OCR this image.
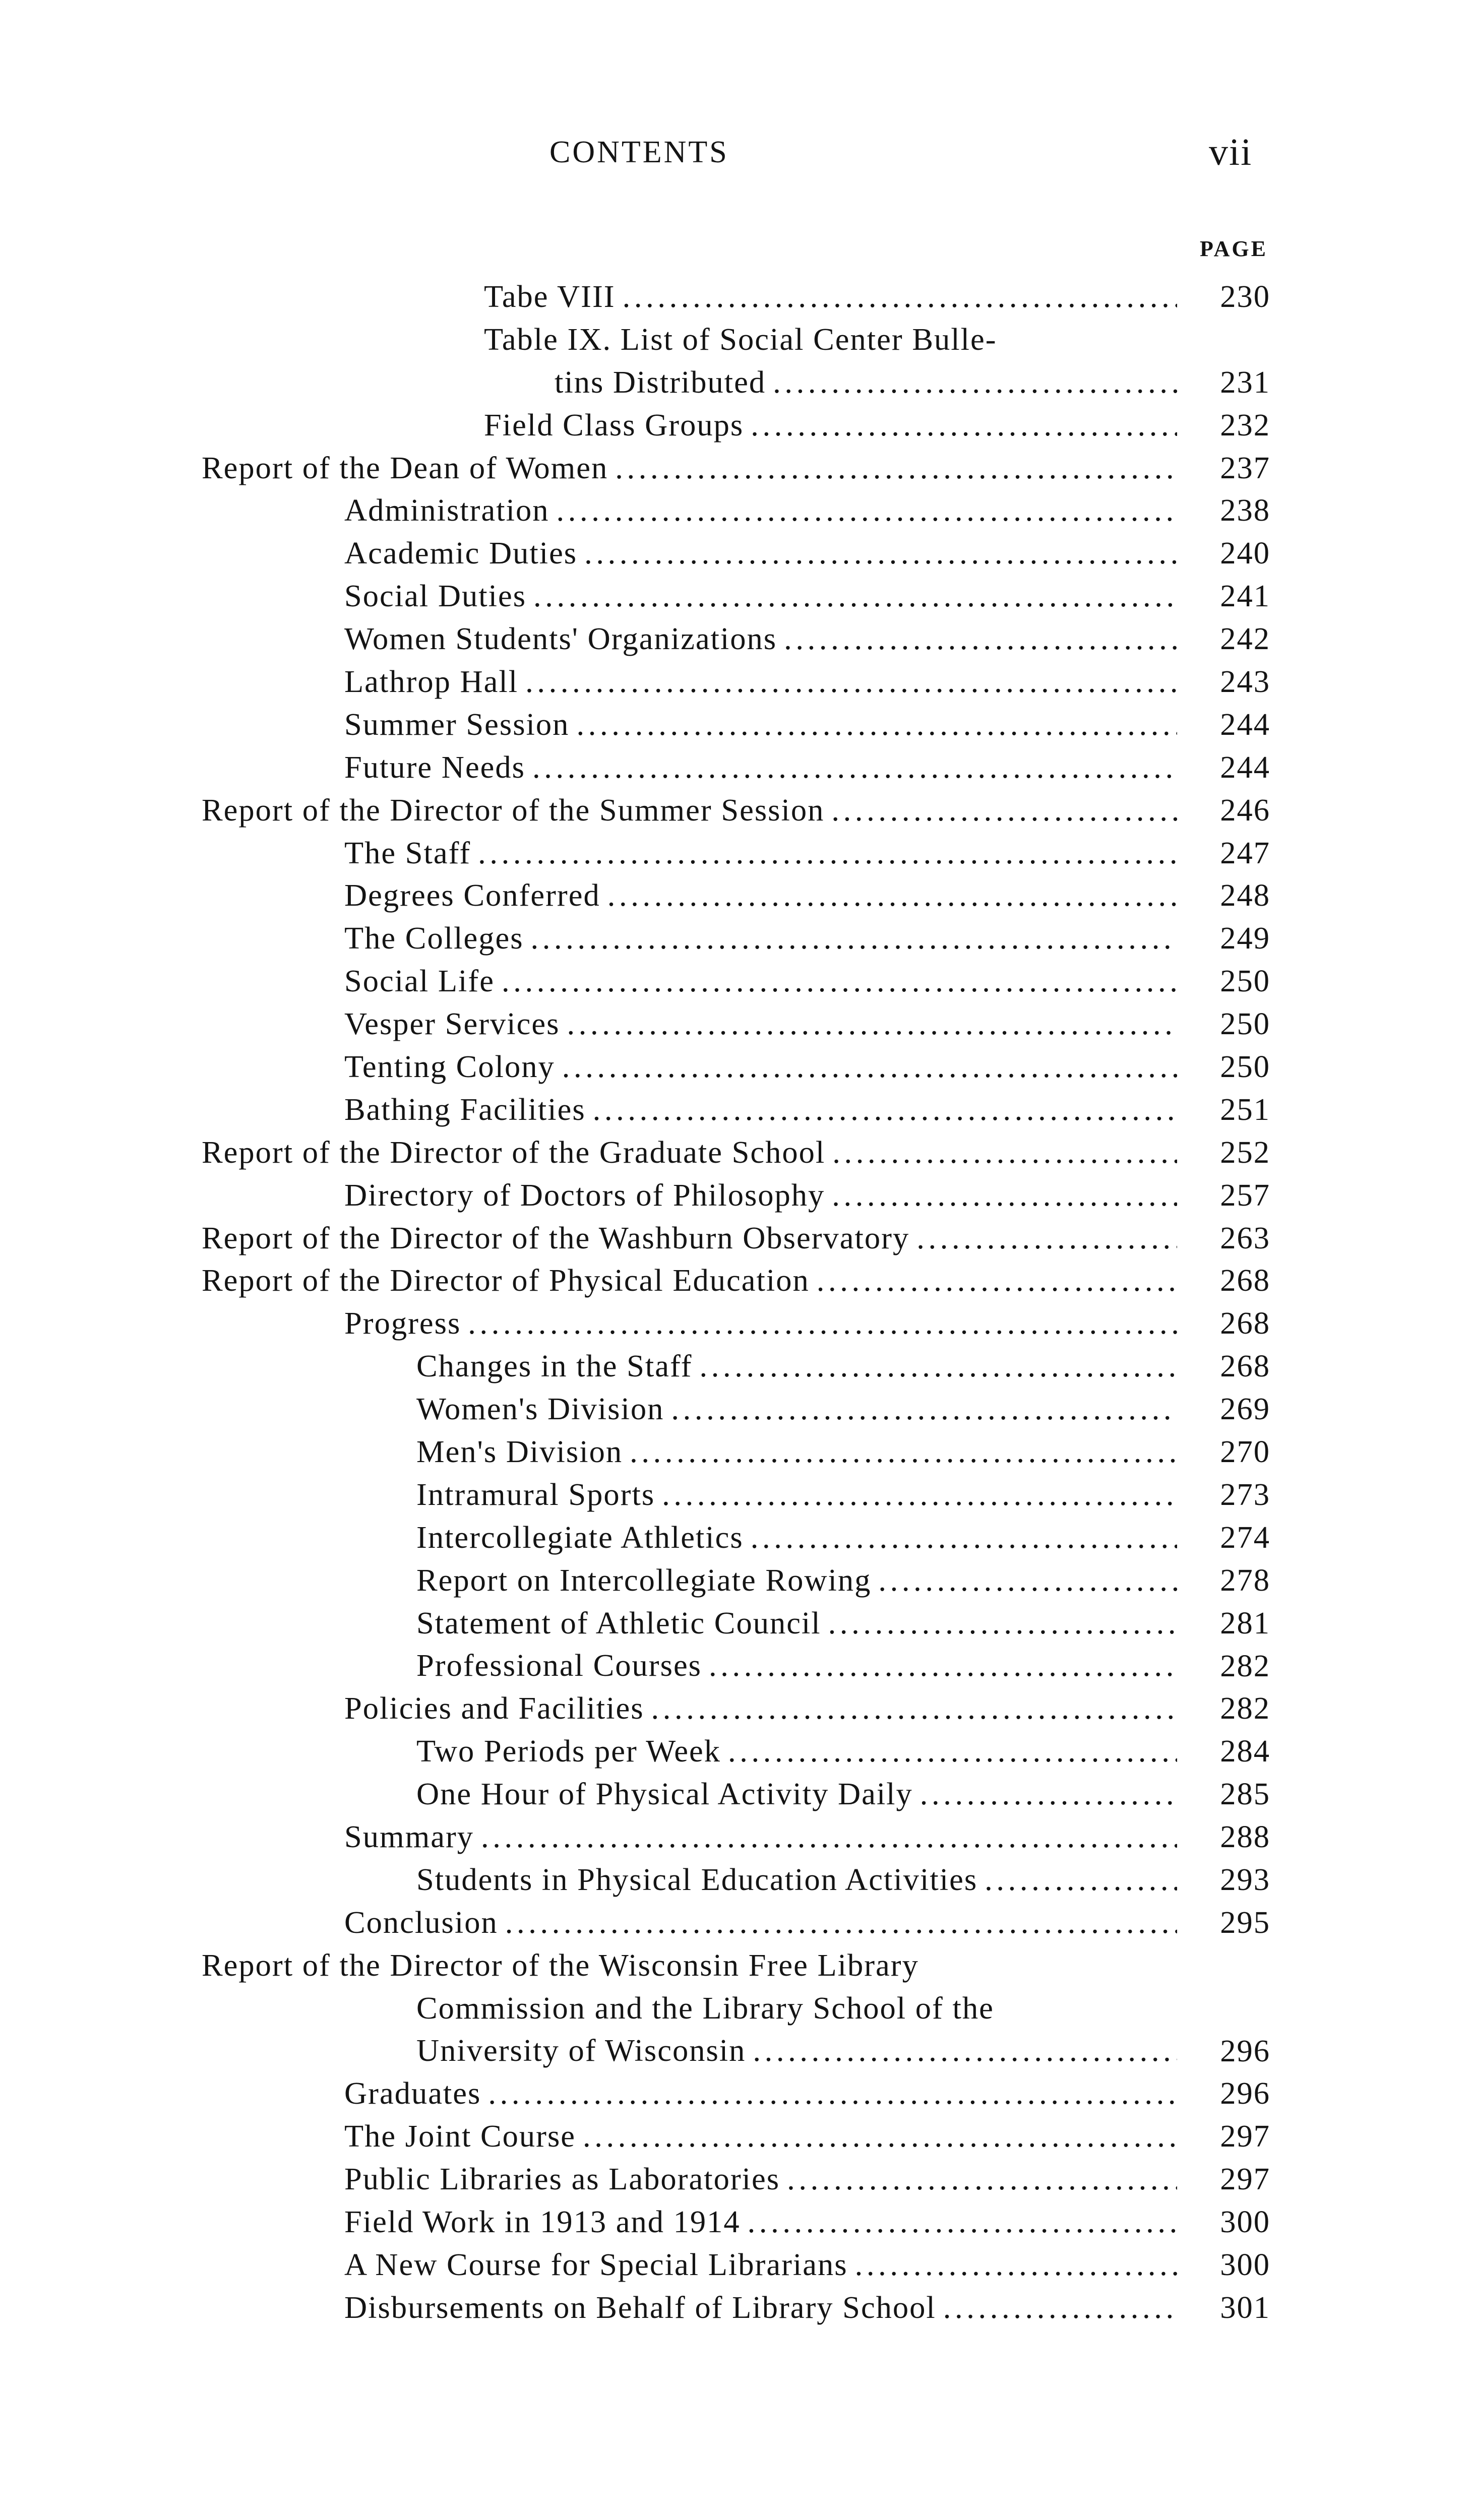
CONTENTS	vii
PAGE
Tabe VIII . . .	230
Table IX. List of Social Center Bulle-
tins Distributed . . .	231
Field Class Groups . . .	232
Report of the Dean of Women . . .	237
Administration . . .	238
Academic Duties . . .	240
Social Duties . . .	241
Women Students' Organizations . . .	242
Lathrop Hall . . .	243
Summer Session . . .	244
Future Needs . . .	244
Report of the Director of the Summer Session . . .	246
The Staff . . .	247
Degrees Conferred . . .	248
The Colleges . . .	249
Social Life . . .	250
Vesper Services . . .	250
Tenting Colony . . .	250
Bathing Facilities . . .	251
Report of the Director of the Graduate School . . .	252
Directory of Doctors of Philosophy . . .	257
Report of the Director of the Washburn Observatory . . .	263
Report of the Director of Physical Education . . .	268
Progress . . .	268
Changes in the Staff . . .	268
Women's Division . . .	269
Men's Division . . .	270
Intramural Sports . . .	273
Intercollegiate Athletics . . .	274
Report on Intercollegiate Rowing . . .	278
Statement of Athletic Council . . .	281
Professional Courses . . .	282
Policies and Facilities . . .	282
Two Periods per Week . . .	284
One Hour of Physical Activity Daily . . .	285
Summary . . .	288
Students in Physical Education Activities . . .	293
Conclusion . . .	295
Report of the Director of the Wisconsin Free Library
Commission and the Library School of the
University of Wisconsin . . .	296
Graduates . . .	296
The Joint Course . . .	297
Public Libraries as Laboratories . . .	297
Field Work in 1913 and 1914 . . .	300
A New Course for Special Librarians . . .	300
Disbursements on Behalf of Library School . . .	301
